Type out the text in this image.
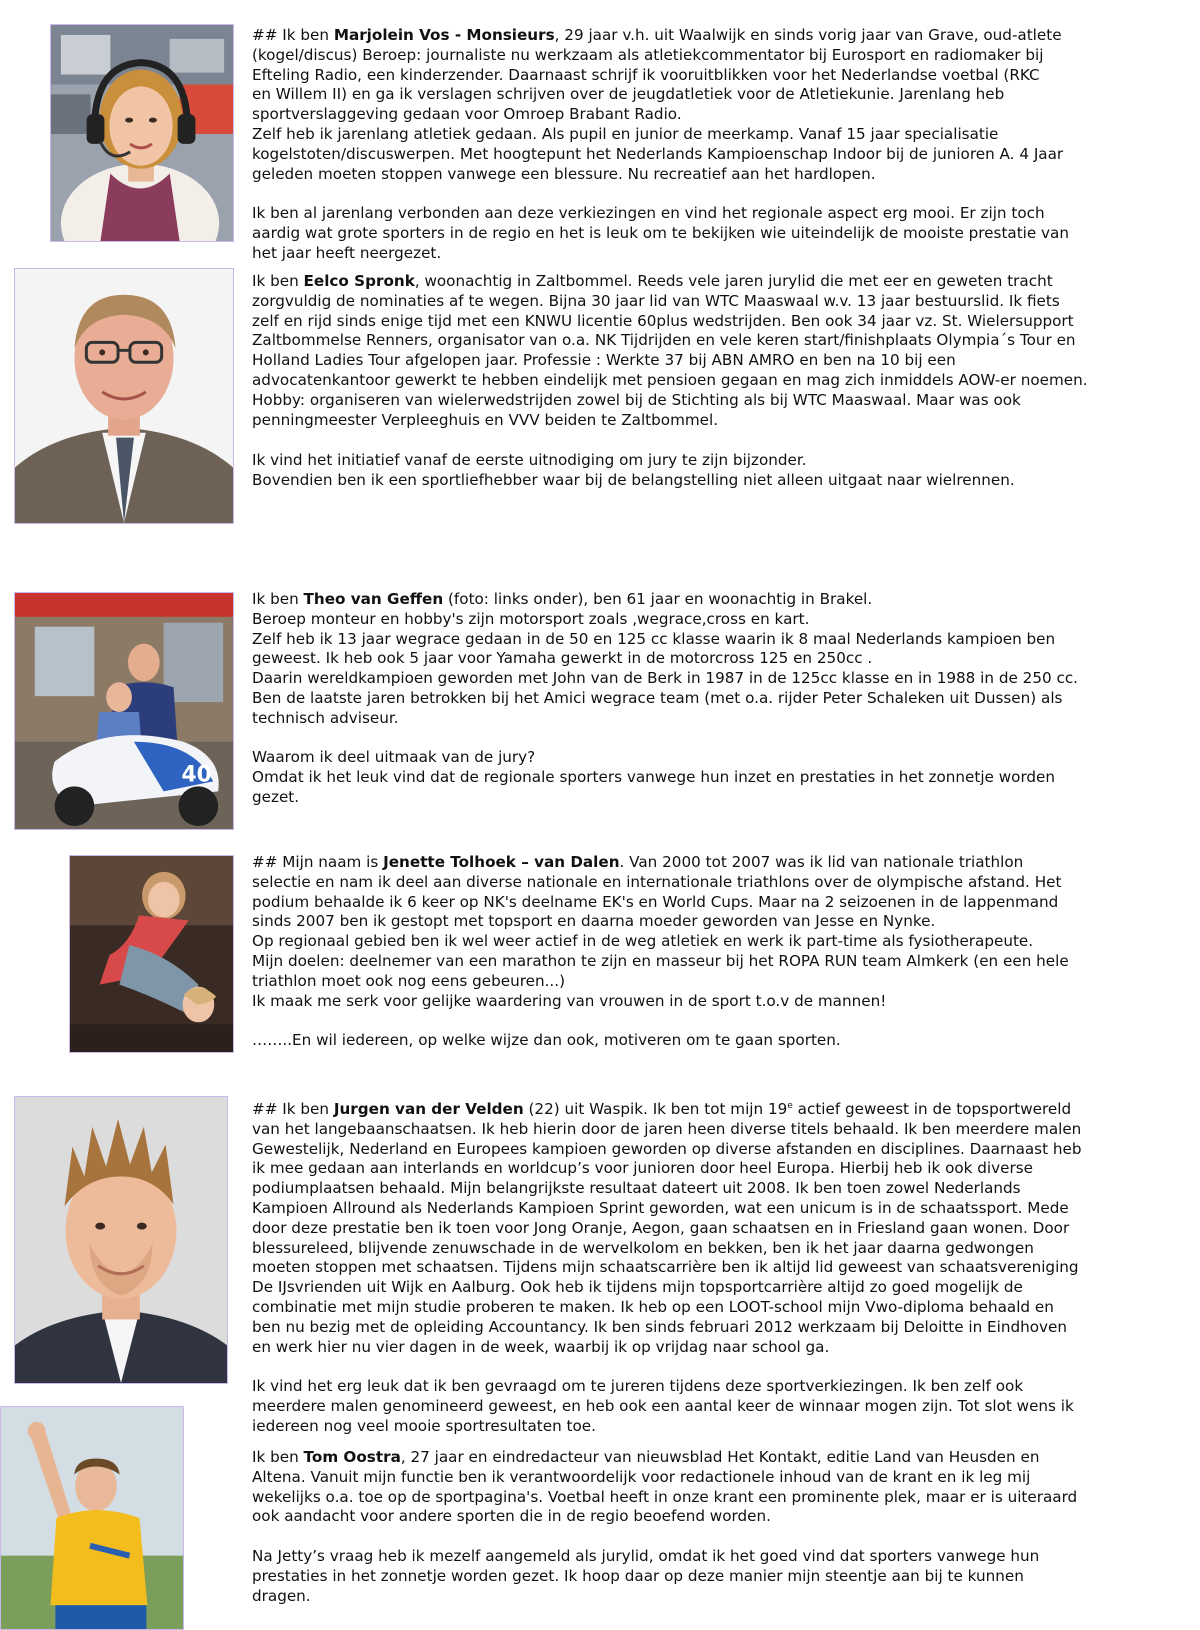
## Ik ben Marjolein Vos - Monsieurs, 29 jaar v.h. uit Waalwijk en sinds vorig jaar van Grave, oud-atlete
(kogel/discus) Beroep: journaliste nu werkzaam als atletiekcommentator bij Eurosport en radiomaker bij
Efteling Radio, een kinderzender. Daarnaast schrijf ik vooruitblikken voor het Nederlandse voetbal (RKC
en Willem II) en ga ik verslagen schrijven over de jeugdatletiek voor de Atletiekunie. Jarenlang heb
sportverslaggeving gedaan voor Omroep Brabant Radio.
Zelf heb ik jarenlang atletiek gedaan. Als pupil en junior de meerkamp. Vanaf 15 jaar specialisatie
kogelstoten/discuswerpen. Met hoogtepunt het Nederlands Kampioenschap Indoor bij de junioren A. 4 Jaar
geleden moeten stoppen vanwege een blessure. Nu recreatief aan het hardlopen.

Ik ben al jarenlang verbonden aan deze verkiezingen en vind het regionale aspect erg mooi. Er zijn toch
aardig wat grote sporters in de regio en het is leuk om te bekijken wie uiteindelijk de mooiste prestatie van
het jaar heeft neergezet.

Ik ben Eelco Spronk, woonachtig in Zaltbommel. Reeds vele jaren jurylid die met eer en geweten tracht
zorgvuldig de nominaties af te wegen. Bijna 30 jaar lid van WTC Maaswaal w.v. 13 jaar bestuurslid. Ik fiets
zelf en rijd sinds enige tijd met een KNWU licentie 60plus wedstrijden. Ben ook 34 jaar vz. St. Wielersupport
Zaltbommelse Renners, organisator van o.a. NK Tijdrijden en vele keren start/finishplaats Olympia´s Tour en
Holland Ladies Tour afgelopen jaar. Professie : Werkte 37 bij ABN AMRO en ben na 10 bij een
advocatenkantoor gewerkt te hebben eindelijk met pensioen gegaan en mag zich inmiddels AOW-er noemen.
Hobby: organiseren van wielerwedstrijden zowel bij de Stichting als bij WTC Maaswaal. Maar was ook
penningmeester Verpleeghuis en VVV beiden te Zaltbommel.

Ik vind het initiatief vanaf de eerste uitnodiging om jury te zijn bijzonder.
Bovendien ben ik een sportliefhebber waar bij de belangstelling niet alleen uitgaat naar wielrennen.

40

Ik ben Theo van Geffen (foto: links onder), ben 61 jaar en woonachtig in Brakel.
Beroep monteur en hobby's zijn motorsport zoals ,wegrace,cross en kart.
Zelf heb ik 13 jaar wegrace gedaan in de 50 en 125 cc klasse waarin ik 8 maal Nederlands kampioen ben
geweest. Ik heb ook 5 jaar voor Yamaha gewerkt in de motorcross 125 en 250cc .
Daarin wereldkampioen geworden met John van de Berk in 1987 in de 125cc klasse en in 1988 in de 250 cc.
Ben de laatste jaren betrokken bij het Amici wegrace team (met o.a. rijder Peter Schaleken uit Dussen) als
technisch adviseur.

Waarom ik deel uitmaak van de jury?
Omdat ik het leuk vind dat de regionale sporters vanwege hun inzet en prestaties in het zonnetje worden
gezet.

## Mijn naam is Jenette Tolhoek – van Dalen. Van 2000 tot 2007 was ik lid van nationale triathlon
selectie en nam ik deel aan diverse nationale en internationale triathlons over de olympische afstand. Het
podium behaalde ik 6 keer op NK's deelname EK's en World Cups. Maar na 2 seizoenen in de lappenmand
sinds 2007 ben ik gestopt met topsport en daarna moeder geworden van Jesse en Nynke.
Op regionaal gebied ben ik wel weer actief in de weg atletiek en werk ik part-time als fysiotherapeute.
Mijn doelen: deelnemer van een marathon te zijn en masseur bij het ROPA RUN team Almkerk (en een hele
triathlon moet ook nog eens gebeuren...)
Ik maak me serk voor gelijke waardering van vrouwen in de sport t.o.v de mannen!

……..En wil iedereen, op welke wijze dan ook, motiveren om te gaan sporten.

## Ik ben Jurgen van der Velden (22) uit Waspik. Ik ben tot mijn 19e actief geweest in de topsportwereld
van het langebaanschaatsen. Ik heb hierin door de jaren heen diverse titels behaald. Ik ben meerdere malen
Gewestelijk, Nederland en Europees kampioen geworden op diverse afstanden en disciplines. Daarnaast heb
ik mee gedaan aan interlands en worldcup’s voor junioren door heel Europa. Hierbij heb ik ook diverse
podiumplaatsen behaald. Mijn belangrijkste resultaat dateert uit 2008. Ik ben toen zowel Nederlands
Kampioen Allround als Nederlands Kampioen Sprint geworden, wat een unicum is in de schaatssport. Mede
door deze prestatie ben ik toen voor Jong Oranje, Aegon, gaan schaatsen en in Friesland gaan wonen. Door
blessureleed, blijvende zenuwschade in de wervelkolom en bekken, ben ik het jaar daarna gedwongen
moeten stoppen met schaatsen. Tijdens mijn schaatscarrière ben ik altijd lid geweest van schaatsvereniging
De IJsvrienden uit Wijk en Aalburg. Ook heb ik tijdens mijn topsportcarrière altijd zo goed mogelijk de
combinatie met mijn studie proberen te maken. Ik heb op een LOOT-school mijn Vwo-diploma behaald en
ben nu bezig met de opleiding Accountancy. Ik ben sinds februari 2012 werkzaam bij Deloitte in Eindhoven
en werk hier nu vier dagen in de week, waarbij ik op vrijdag naar school ga.

Ik vind het erg leuk dat ik ben gevraagd om te jureren tijdens deze sportverkiezingen. Ik ben zelf ook
meerdere malen genomineerd geweest, en heb ook een aantal keer de winnaar mogen zijn. Tot slot wens ik
iedereen nog veel mooie sportresultaten toe.

Ik ben Tom Oostra, 27 jaar en eindredacteur van nieuwsblad Het Kontakt, editie Land van Heusden en
Altena. Vanuit mijn functie ben ik verantwoordelijk voor redactionele inhoud van de krant en ik leg mij
wekelijks o.a. toe op de sportpagina's. Voetbal heeft in onze krant een prominente plek, maar er is uiteraard
ook aandacht voor andere sporten die in de regio beoefend worden.

Na Jetty’s vraag heb ik mezelf aangemeld als jurylid, omdat ik het goed vind dat sporters vanwege hun
prestaties in het zonnetje worden gezet. Ik hoop daar op deze manier mijn steentje aan bij te kunnen
dragen.
